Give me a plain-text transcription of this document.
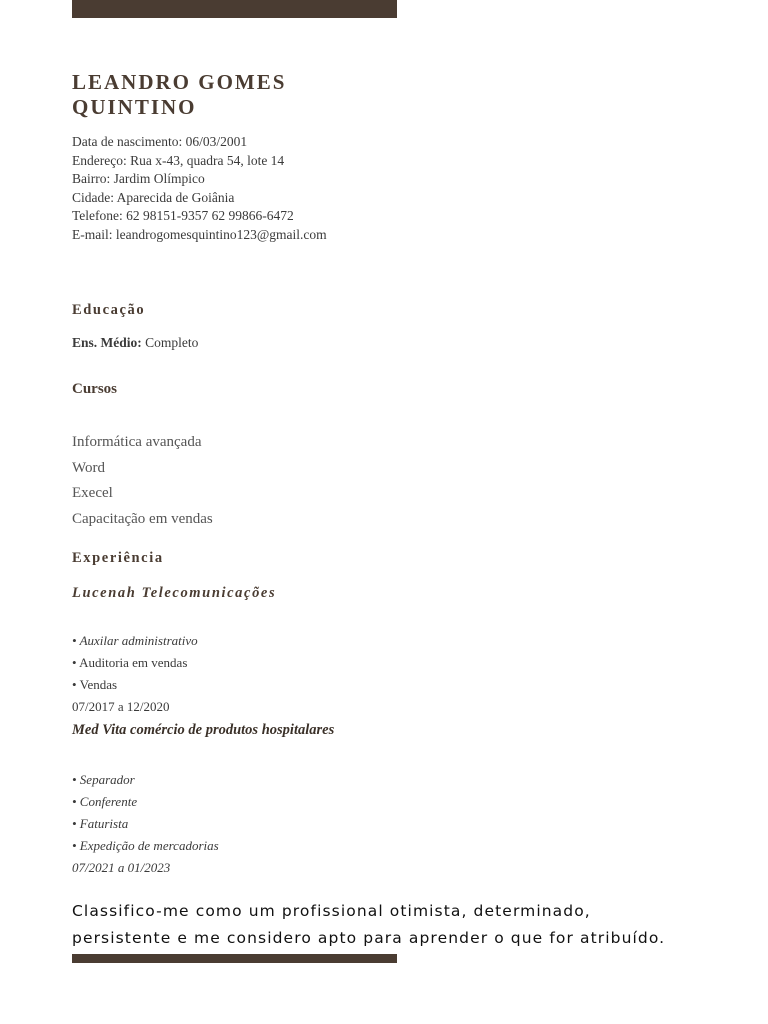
LEANDRO GOMES
QUINTINO
Data de nascimento: 06/03/2001
Endereço: Rua x-43, quadra 54, lote 14
Bairro: Jardim Olímpico
Cidade: Aparecida de Goiânia
Telefone: 62 98151-9357 62 99866-6472
E-mail: leandrogomesquintino123@gmail.com
Educação
Ens. Médio: Completo
Cursos
Informática avançada
Word
Execel
Capacitação em vendas
Experiência
Lucenah Telecomunicações
• Auxilar administrativo
• Auditoria em vendas
• Vendas
07/2017 a 12/2020
Med Vita comércio de produtos hospitalares
• Separador
• Conferente
• Faturista
• Expedição de mercadorias
07/2021 a 01/2023

Classifico-me como um profissional otimista, determinado,
persistente e me considero apto para aprender o que for atribuído.
